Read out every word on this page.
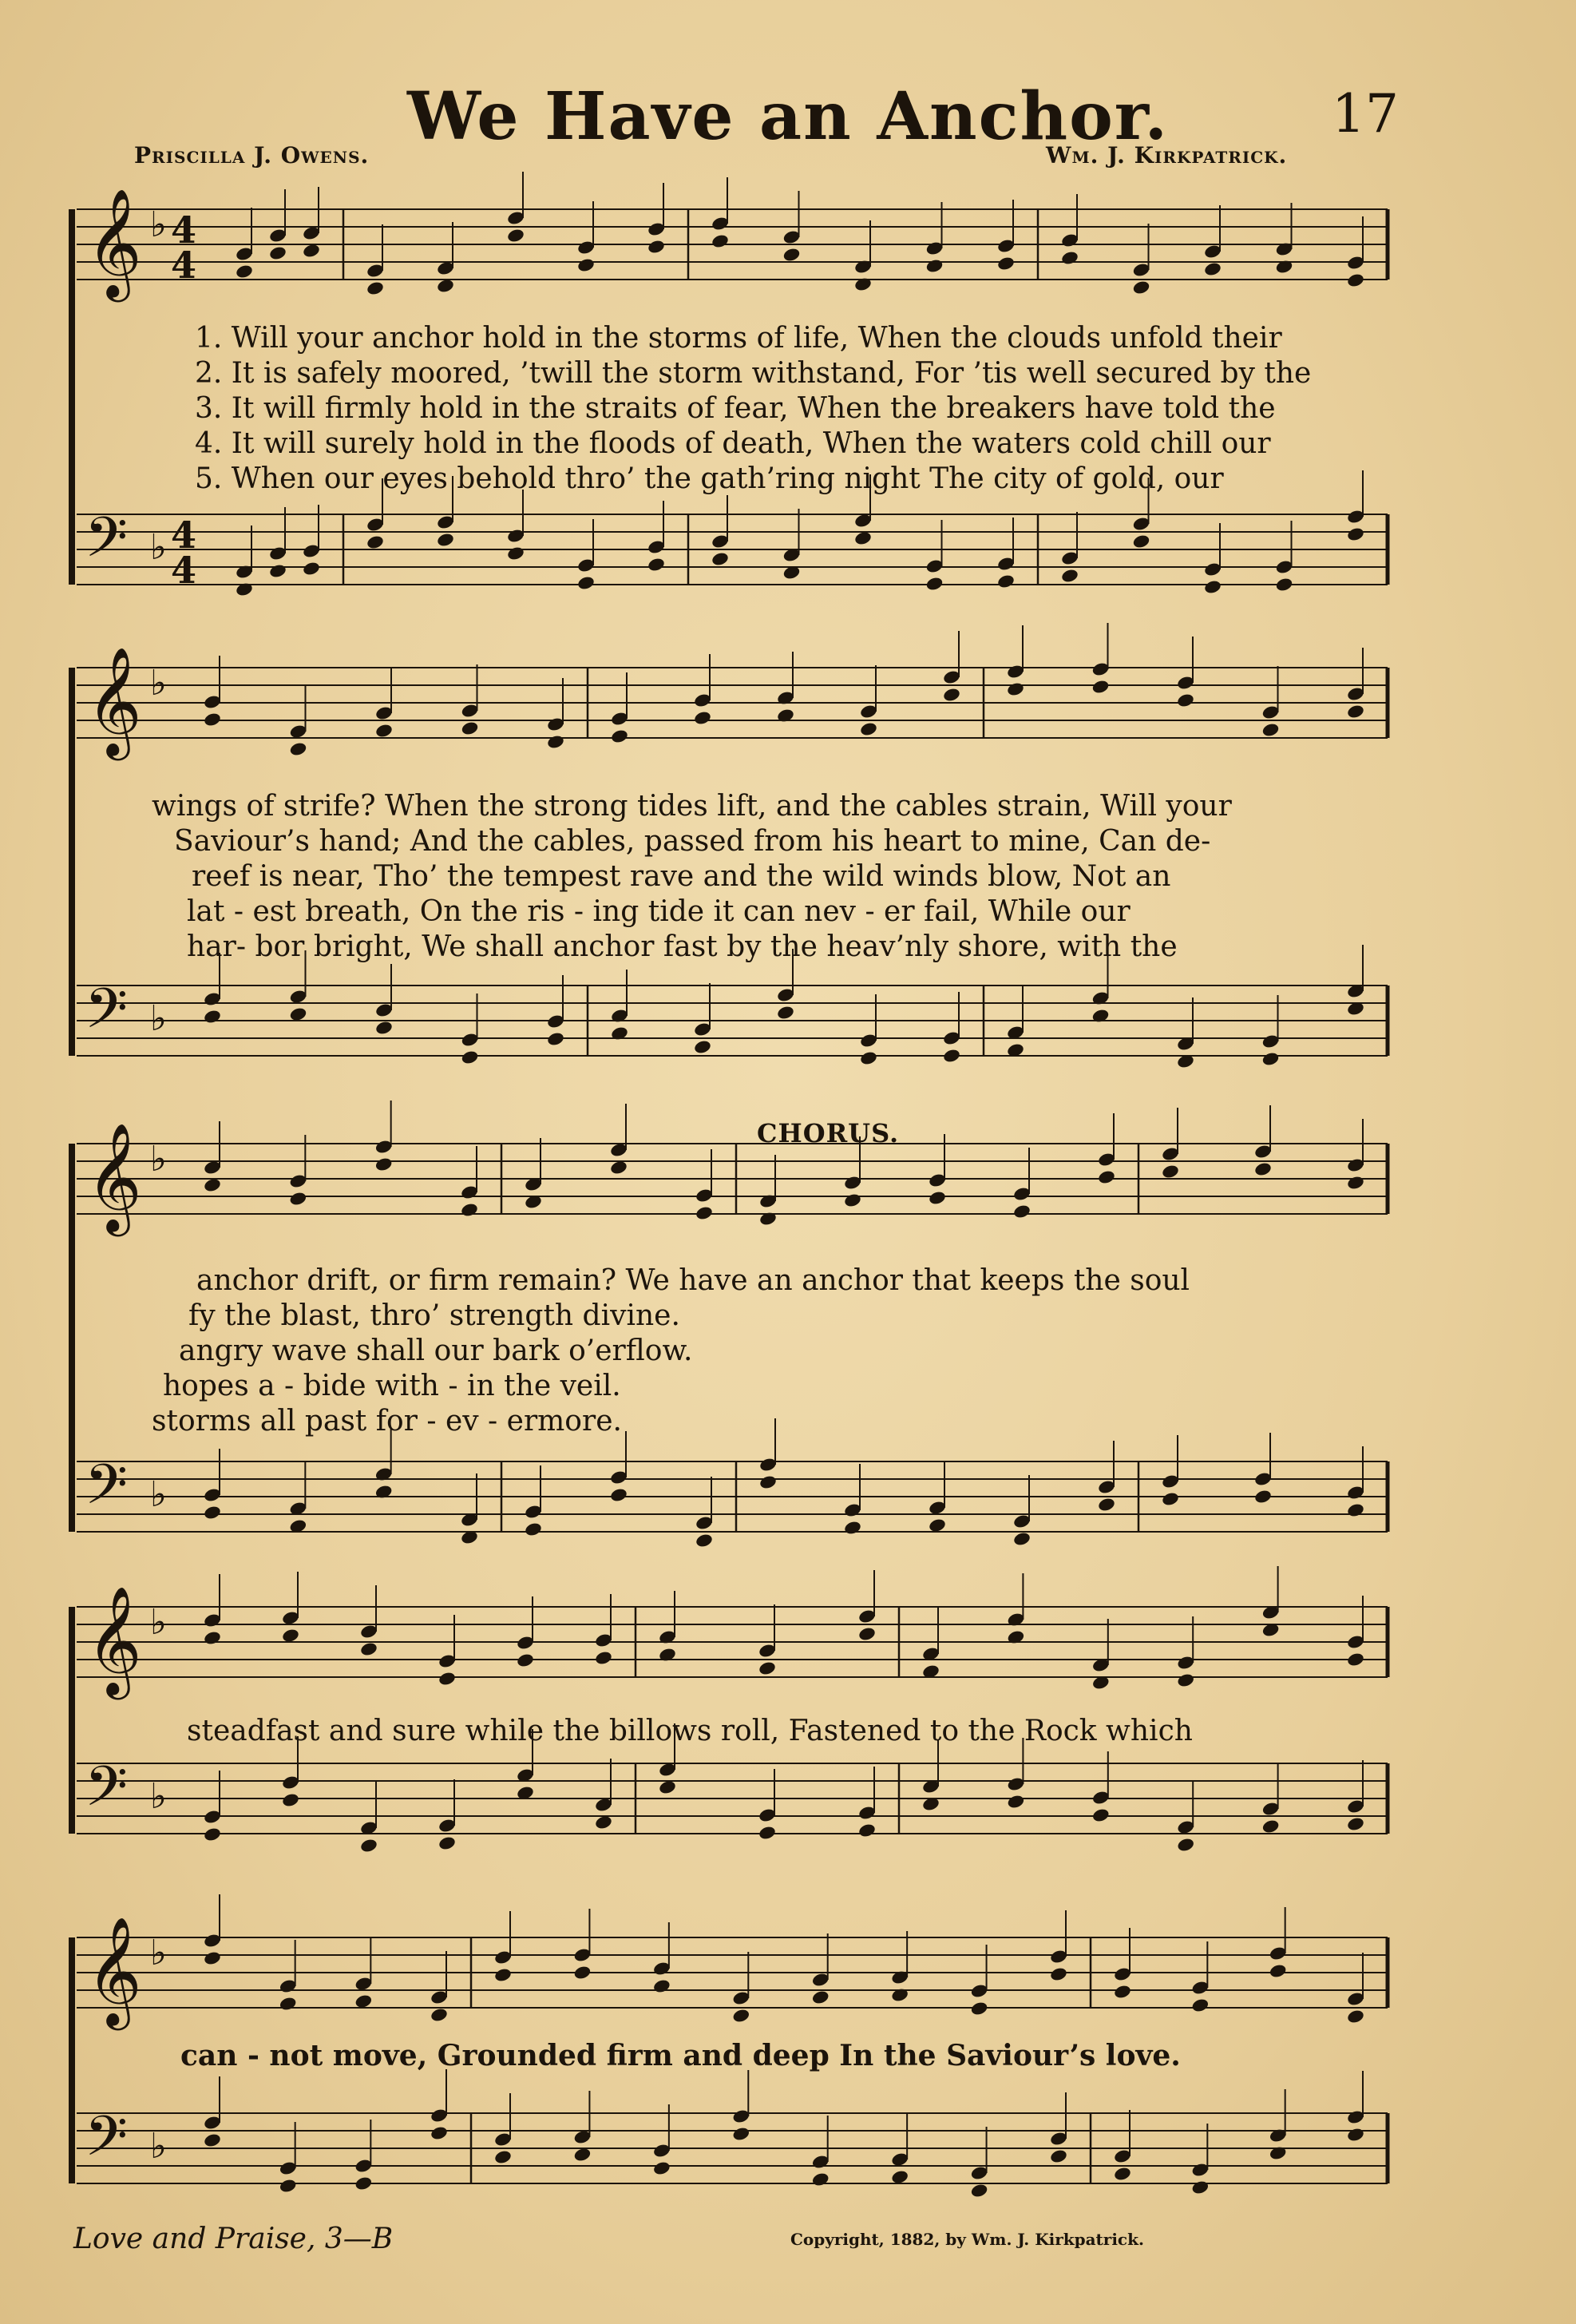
𝄞
𝄢
♭
♭
4
4
4
4
𝄞
𝄢
♭
♭
𝄞
𝄢
♭
♭
𝄞
𝄢
♭
♭
𝄞
𝄢
♭
♭
We Have an Anchor.	17
Priscilla J. Owens.	Wm. J. Kirkpatrick.
1. Will your anchor hold in the storms of life, When the clouds unfold their
2. It is safely moored, ’twill the storm withstand, For ’tis well secured by the
3. It will firmly hold in the straits of fear, When the breakers have told the
4. It will surely hold in the floods of death, When the waters cold chill our
5. When our eyes behold thro’ the gath’ring night The city of gold, our
wings of strife? When the strong tides lift, and the cables strain, Will your
Saviour’s hand; And the cables, passed from his heart to mine, Can de-
reef is near, Tho’ the tempest rave and the wild winds blow, Not an
lat - est breath, On the ris - ing tide it can nev - er fail, While our
har- bor bright, We shall anchor fast by the heav’nly shore, with the
CHORUS.
anchor drift, or firm remain? We have an anchor that keeps the soul
fy the blast, thro’ strength divine.
angry wave shall our bark o’erflow.
hopes a - bide with - in the veil.
storms all past for - ev - ermore.
steadfast and sure while the billows roll, Fastened to the Rock which
can - not move, Grounded firm and deep In the Saviour’s love.
Love and Praise, 3—B	Copyright, 1882, by Wm. J. Kirkpatrick.
